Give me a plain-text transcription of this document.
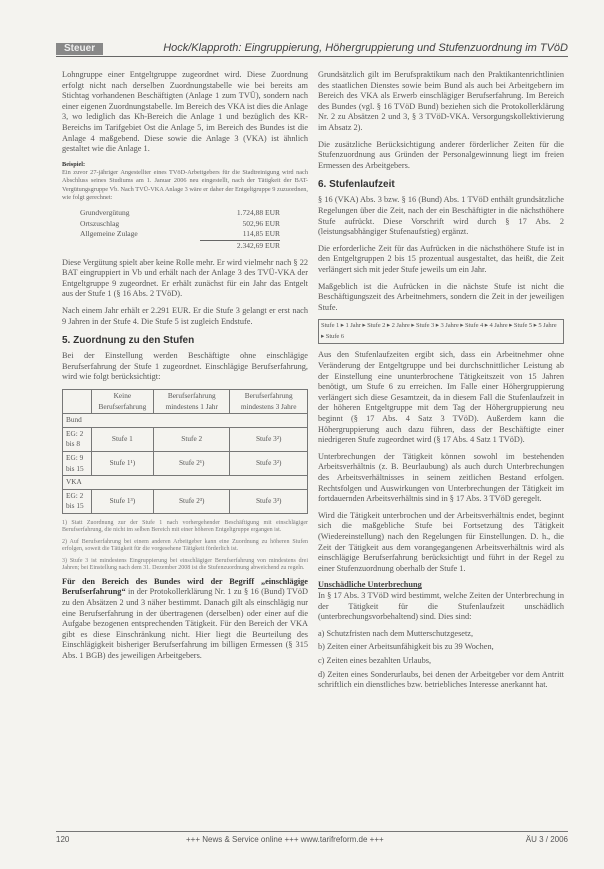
Steuer	Hock/Klapproth: Eingruppierung, Höhergruppierung und Stufenzuordnung im TVöD

Lohngruppe einer Entgeltgruppe zugeordnet wird. Diese Zuordnung erfolgt nicht nach derselben Zuordnungstabelle wie bei bereits am Stichtag vorhandenen Beschäftigten (Anlage 1 zum TVÜ), sondern nach einer eigenen Zuordnungstabelle. Im Bereich des VKA ist dies die Anlage 3, wo lediglich das Kh-Bereich die Anlage 1 und bezüglich des KR-Bereichs im Tarifgebiet Ost die Anlage 5, im Bereich des Bundes ist die Anlage 4 maßgebend. Diese sowie die Anlage 3 (VKA) ist ähnlich gestaltet wie die Anlage 1.

Beispiel:

Ein zuvor 27-jähriger Angestellter eines TVöD-Arbeitgebers für die Stadtreinigung wird nach Abschluss seines Studiums am 1. Januar 2006 neu eingestellt, nach der Tätigkeit der BAT-Vergütungsgruppe Vb. Nach TVÜ-VKA Anlage 3 wäre er daher der Entgeltgruppe 9 zuzuordnen, wie folgt gerechnet:

Grundvergütung	1.724,88 EUR
Ortszuschlag	502,96 EUR
Allgemeine Zulage	114,85 EUR
2.342,69 EUR

Diese Vergütung spielt aber keine Rolle mehr. Er wird vielmehr nach § 22 BAT eingruppiert in Vb und erhält nach der Anlage 3 des TVÜ-VKA der Entgeltgruppe 9 zugeordnet. Er erhält zunächst für ein Jahr das Entgelt aus der Stufe 1 (§ 16 Abs. 2 TVöD).

Nach einem Jahr erhält er 2.291 EUR. Er die Stufe 3 gelangt er erst nach 9 Jahren in der Stufe 4. Die Stufe 5 ist zugleich Endstufe.

5. Zuordnung zu den Stufen

Bei der Einstellung werden Beschäftigte ohne einschlägige Berufserfahrung der Stufe 1 zugeordnet. Einschlägige Berufserfahrung, wird wie folgt berücksichtigt:

	Keine Berufserfahrung	Berufserfahrung mindestens 1 Jahr	Berufserfahrung mindestens 3 Jahre
Bund			
EG: 2 bis 8	Stufe 1	Stufe 2	Stufe 3²)
EG: 9 bis 15	Stufe 1¹)	Stufe 2¹)	Stufe 3²)
VKA			
EG: 2 bis 15	Stufe 1³)	Stufe 2³)	Stufe 3³)

1) Statt Zuordnung zur der Stufe 1 nach vorhergehender Beschäftigung mit einschlägiger Berufserfahrung, die nicht im selben Bereich mit einer höheren Entgeltgruppe ergangen ist.

2) Auf Berufserfahrung bei einem anderen Arbeitgeber kann eine Zuordnung zu höheren Stufen erfolgen, soweit die Tätigkeit für die vorgesehene Tätigkeit förderlich ist.

3) Stufe 3 ist mindestens Eingruppierung bei einschlägiger Berufserfahrung von mindestens drei Jahren; bei Einstellung nach dem 31. Dezember 2008 ist die Stufenzuordnung abweichend zu regeln.

Für den Bereich des Bundes wird der Begriff „einschlägige Berufserfahrung“ in der Protokollerklärung Nr. 1 zu § 16 (Bund) TVöD zu den Absätzen 2 und 3 näher bestimmt. Danach gilt als einschlägig nur eine Berufserfahrung in der übertragenen (derselben) oder einer auf die Aufgabe bezogenen entsprechenden Tätigkeit. Für den Bereich der VKA gibt es diese Einschränkung nicht. Hier liegt die Beurteilung des Einschlägigkeit bisheriger Berufserfahrung im billigen Ermessen (§ 315 Abs. 1 BGB) des jeweiligen Arbeitgebers.

Grundsätzlich gilt im Berufspraktikum nach den Praktikantenrichtlinien des staatlichen Dienstes sowie beim Bund als auch bei Arbeitgebern im Bereich des VKA als Erwerb einschlägiger Berufserfahrung. Im Bereich des Bundes (vgl. § 16 TVöD Bund) beziehen sich die Protokollerklärung Nr. 2 zu Absätzen 2 und 3, § 3 TVöD-VKA. Versorgungskollektivierung im Absatz 2).

Die zusätzliche Berücksichtigung anderer förderlicher Zeiten für die Stufenzuordnung aus Gründen der Personalgewinnung liegt im freien Ermessen des Arbeitgebers.

6. Stufenlaufzeit

§ 16 (VKA) Abs. 3 bzw. § 16 (Bund) Abs. 1 TVöD enthält grundsätzliche Regelungen über die Zeit, nach der ein Beschäftigter in die nächsthöhere Stufe aufrückt. Diese Vorschrift wird durch § 17 Abs. 2 (leistungsabhängiger Stufenaufstieg) ergänzt.

Die erforderliche Zeit für das Aufrücken in die nächsthöhere Stufe ist in den Entgeltgruppen 2 bis 15 prozentual ausgestaltet, das heißt, die Zeit verlängert sich mit jeder Stufe jeweils um ein Jahr.

Maßgeblich ist die Aufrücken in die nächste Stufe ist nicht die Beschäftigungszeit des Arbeitnehmers, sondern die Zeit in der jeweiligen Stufe.

Stufe 1 ▸ 1 Jahr ▸ Stufe 2 ▸ 2 Jahre ▸ Stufe 3 ▸ 3 Jahre ▸ Stufe 4 ▸ 4 Jahre ▸ Stufe 5 ▸ 5 Jahre ▸ Stufe 6

Aus den Stufenlaufzeiten ergibt sich, dass ein Arbeitnehmer ohne Veränderung der Entgeltgruppe und bei durchschnittlicher Leistung ab der Einstellung eine ununterbrochene Tätigkeitszeit von 15 Jahren benötigt, um Stufe 6 zu erreichen. Im Falle einer Höhergruppierung verlängert sich diese Gesamtzeit, da in diesem Fall die Stufenlaufzeit in der höheren Entgeltgruppe mit dem Tag der Höhergruppierung neu beginnt (§ 17 Abs. 4 Satz 3 TVöD). Außerdem kann die Höhergruppierung auch dazu führen, dass der Beschäftigte einer niedrigeren Stufe zugeordnet wird (§ 17 Abs. 4 Satz 1 TVöD).

Unterbrechungen der Tätigkeit können sowohl im bestehenden Arbeitsverhältnis (z. B. Beurlaubung) als auch durch Unterbrechungen des Arbeitsverhältnisses in seinem zeitlichen Bestand erfolgen. Rechtsfolgen und Auswirkungen von Unterbrechungen der Tätigkeit im fortdauernden Arbeitsverhältnis sind in § 17 Abs. 3 TVöD geregelt.

Wird die Tätigkeit unterbrochen und der Arbeitsverhältnis endet, beginnt sich die maßgebliche Stufe bei Fortsetzung des Tätigkeit (Wiedereinstellung) nach den Regelungen für Einstellungen. D. h., die Zeit der Tätigkeit aus dem vorangegangenen Arbeitsverhältnis wird als einschlägige Berufserfahrung berücksichtigt und führt in der Regel zu einer Stufenzuordnung oberhalb der Stufe 1.

Unschädliche Unterbrechung

In § 17 Abs. 3 TVöD wird bestimmt, welche Zeiten der Unterbrechung in der Tätigkeit für die Stufenlaufzeit unschädlich (unterbrechungsvorbehaltend) sind. Dies sind:

a) Schutzfristen nach dem Mutterschutzgesetz,

b) Zeiten einer Arbeitsunfähigkeit bis zu 39 Wochen,

c) Zeiten eines bezahlten Urlaubs,

d) Zeiten eines Sonderurlaubs, bei denen der Arbeitgeber vor dem Antritt schriftlich ein dienstliches bzw. betriebliches Interesse anerkannt hat.

120	+++ News & Service online +++ www.tarifreform.de +++	ÄU 3 / 2006
